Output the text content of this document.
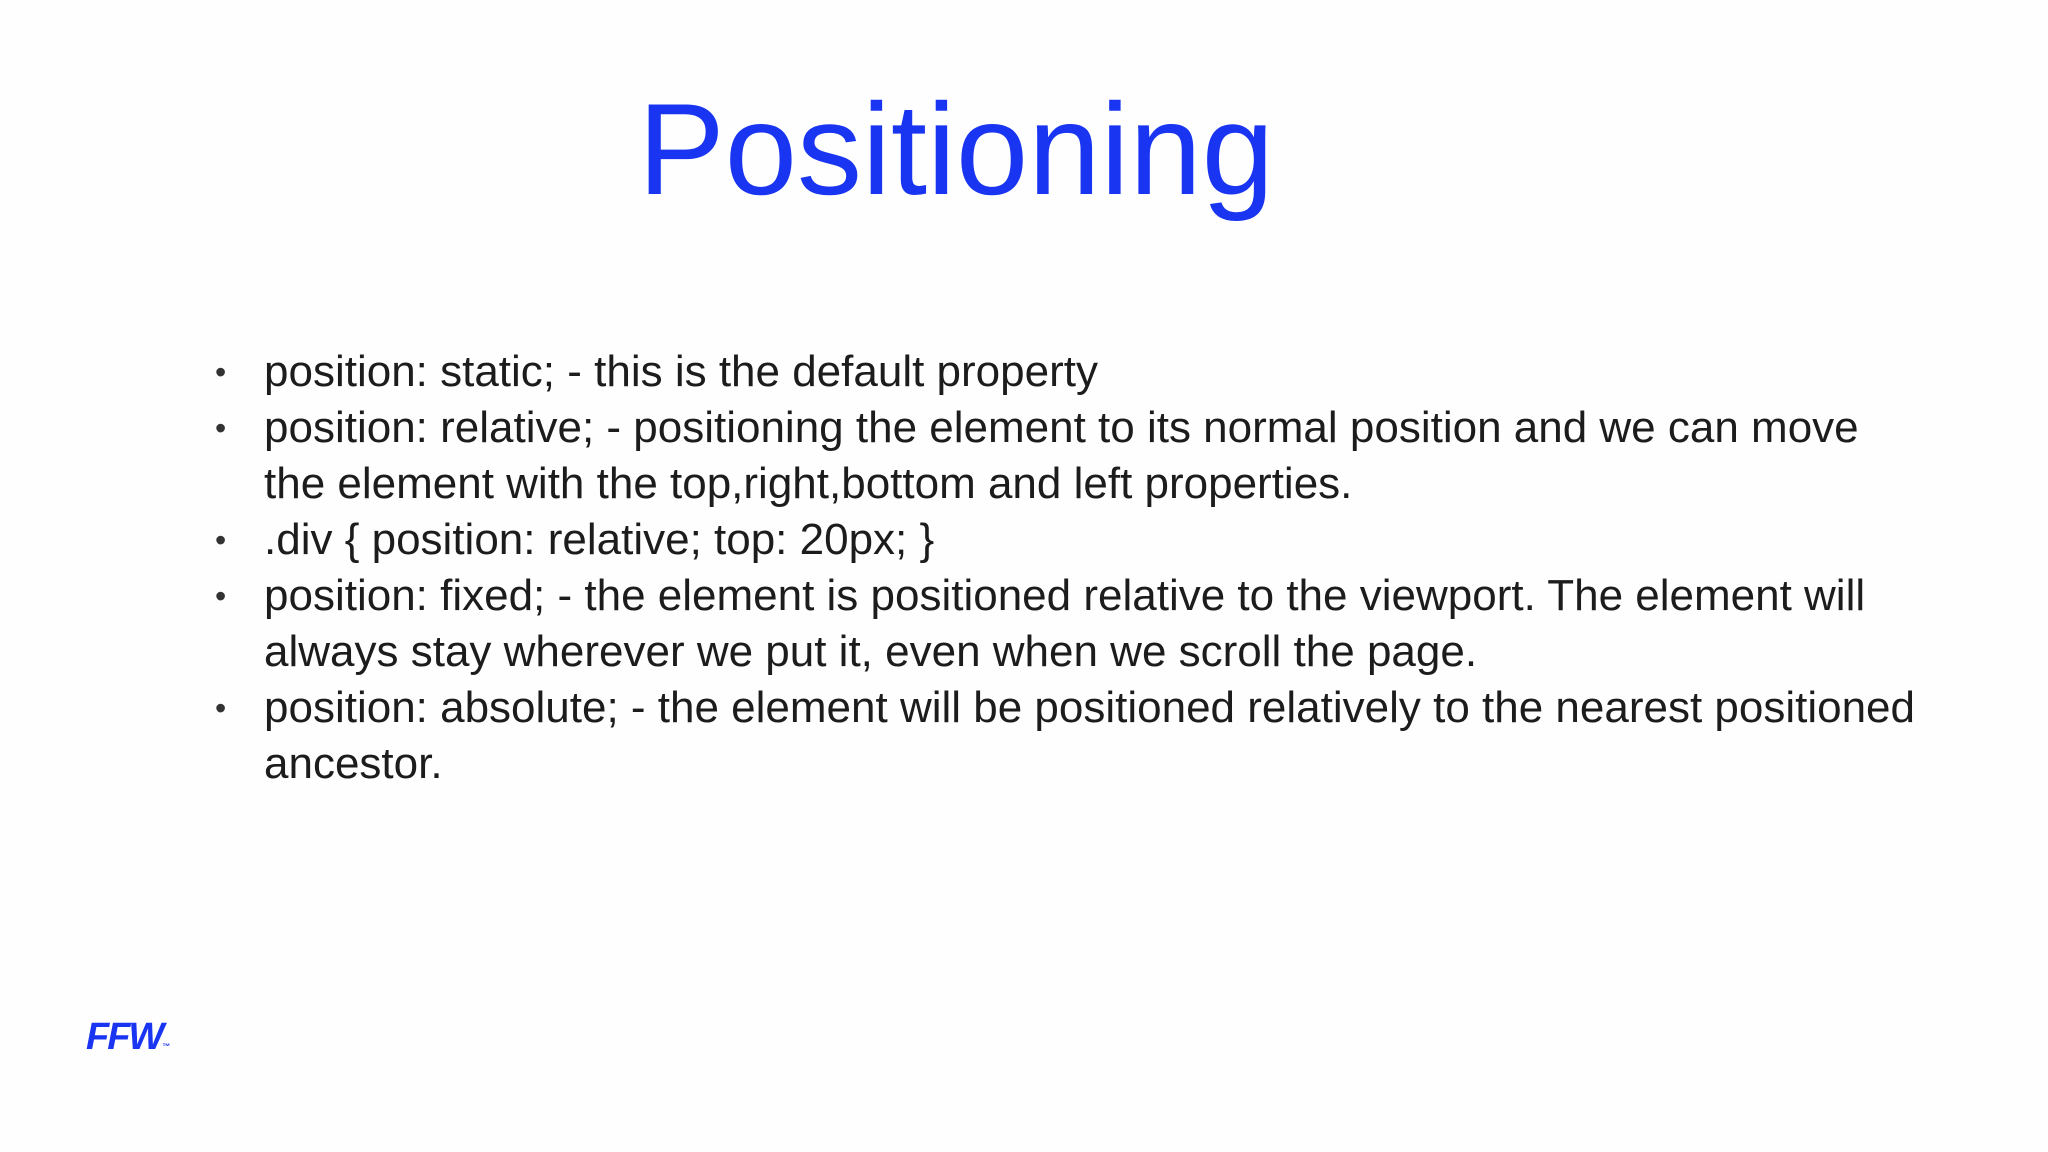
Positioning
• position: static; - this is the default property
• position: relative; - positioning the element to its normal position and we can move the element with the top,right,bottom and left properties.
• .div { position: relative; top: 20px; }
• position: fixed; - the element is positioned relative to the viewport. The element will always stay wherever we put it, even when we scroll the page.
• position: absolute; - the element will be positioned relatively to the nearest positioned ancestor.
FFW™
